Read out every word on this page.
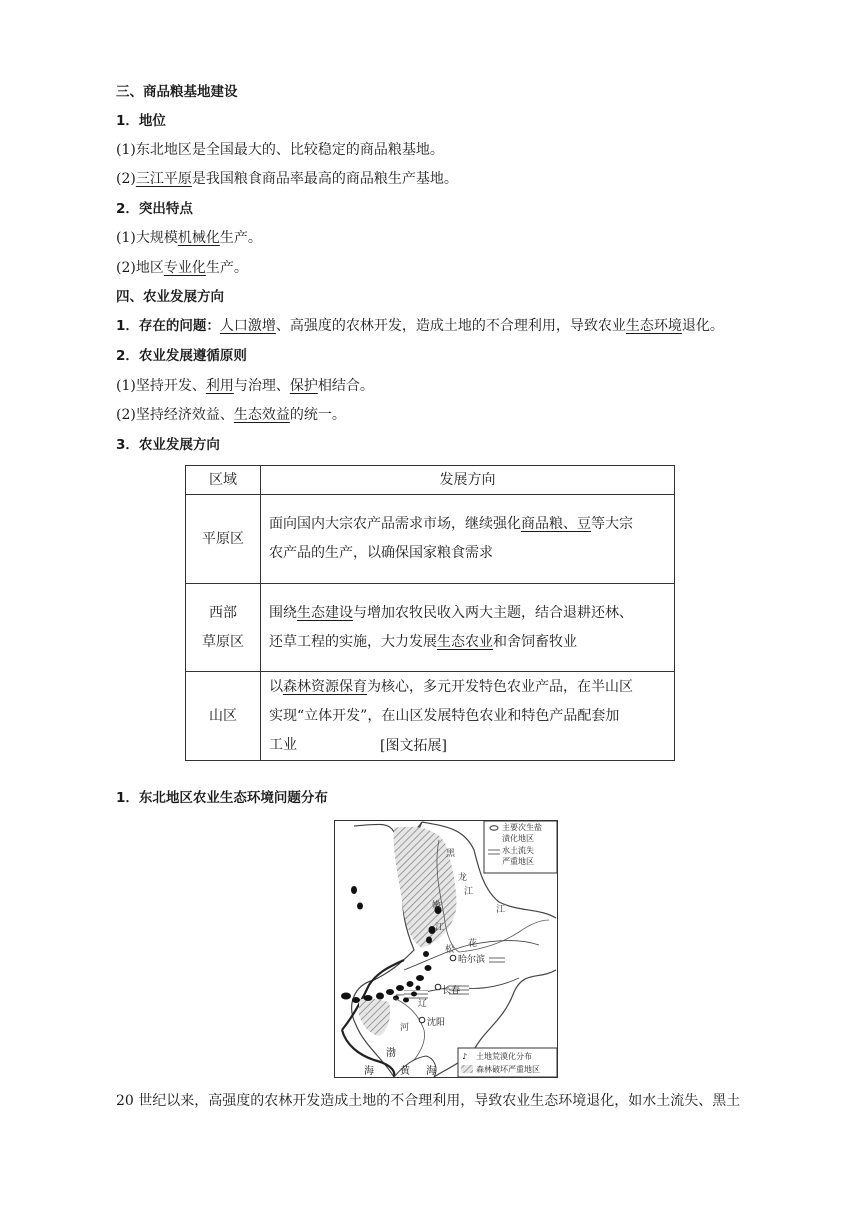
三、商品粮基地建设
1．地位
(1)东北地区是全国最大的、比较稳定的商品粮基地。
(2)三江平原是我国粮食商品率最高的商品粮生产基地。
2．突出特点
(1)大规模机械化生产。
(2)地区专业化生产。
四、农业发展方向
1．存在的问题：人口激增、高强度的农林开发，造成土地的不合理利用，导致农业生态环境退化。
2．农业发展遵循原则
(1)坚持开发、利用与治理、保护相结合。
(2)坚持经济效益、生态效益的统一。
3．农业发展方向
区域	发展方向
平原区	面向国内大宗农产品需求市场，继续强化商品粮、豆等大宗
农产品的生产，以确保国家粮食需求
西部
草原区	围绕生态建设与增加农牧民收入两大主题，结合退耕还林、
还草工程的实施，大力发展生态农业和舍饲畜牧业
山区	以森林资源保育为核心，多元开发特色农业产品，在半山区
实现“立体开发”，在山区发展特色农业和特色产品配套加
工业	[图文拓展]
1．东北地区农业生态环境问题分布
主要次生盐
渍化地区
水土流失
严重地区
♪ 土地荒漠化分布
森林破坏严重地区
黑
龙
江
嫩
江
松
花
江
辽
河
哈尔滨
长春
沈阳
渤
海	黄 海
20 世纪以来，高强度的农林开发造成土地的不合理利用，导致农业生态环境退化，如水土流失、黑土
